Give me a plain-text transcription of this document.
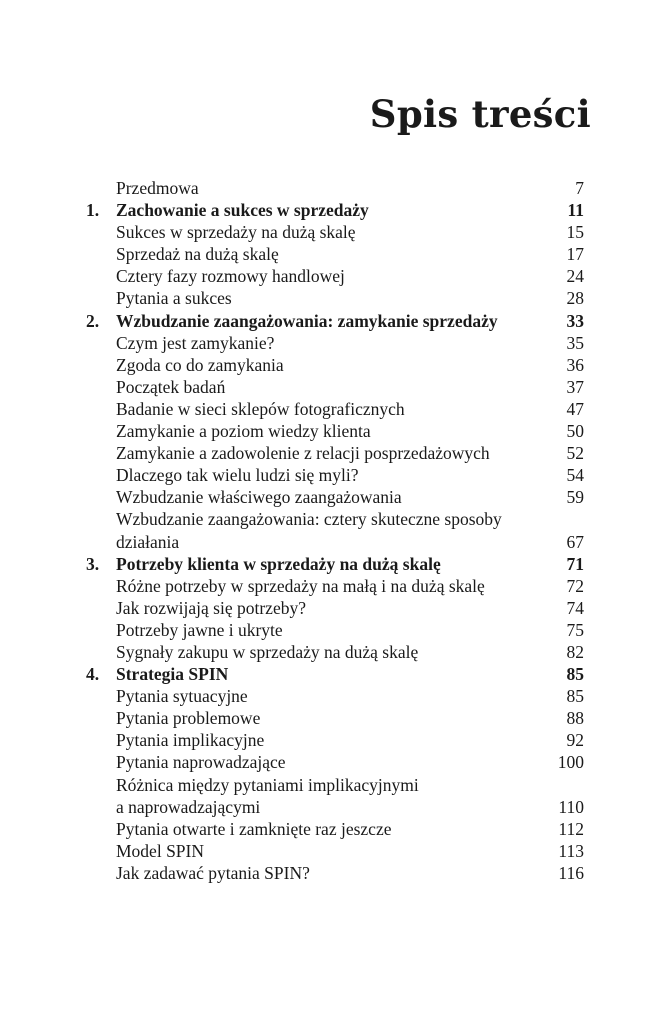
Spis treści
Przedmowa	7
1. Zachowanie a sukces w sprzedaży	11
Sukces w sprzedaży na dużą skalę	15
Sprzedaż na dużą skalę	17
Cztery fazy rozmowy handlowej	24
Pytania a sukces	28
2. Wzbudzanie zaangażowania: zamykanie sprzedaży	33
Czym jest zamykanie?	35
Zgoda co do zamykania	36
Początek badań	37
Badanie w sieci sklepów fotograficznych	47
Zamykanie a poziom wiedzy klienta	50
Zamykanie a zadowolenie z relacji posprzedażowych	52
Dlaczego tak wielu ludzi się myli?	54
Wzbudzanie właściwego zaangażowania	59
Wzbudzanie zaangażowania: cztery skuteczne sposoby
działania	67
3. Potrzeby klienta w sprzedaży na dużą skalę	71
Różne potrzeby w sprzedaży na małą i na dużą skalę	72
Jak rozwijają się potrzeby?	74
Potrzeby jawne i ukryte	75
Sygnały zakupu w sprzedaży na dużą skalę	82
4. Strategia SPIN	85
Pytania sytuacyjne	85
Pytania problemowe	88
Pytania implikacyjne	92
Pytania naprowadzające	100
Różnica między pytaniami implikacyjnymi
a naprowadzającymi	110
Pytania otwarte i zamknięte raz jeszcze	112
Model SPIN	113
Jak zadawać pytania SPIN?	116
